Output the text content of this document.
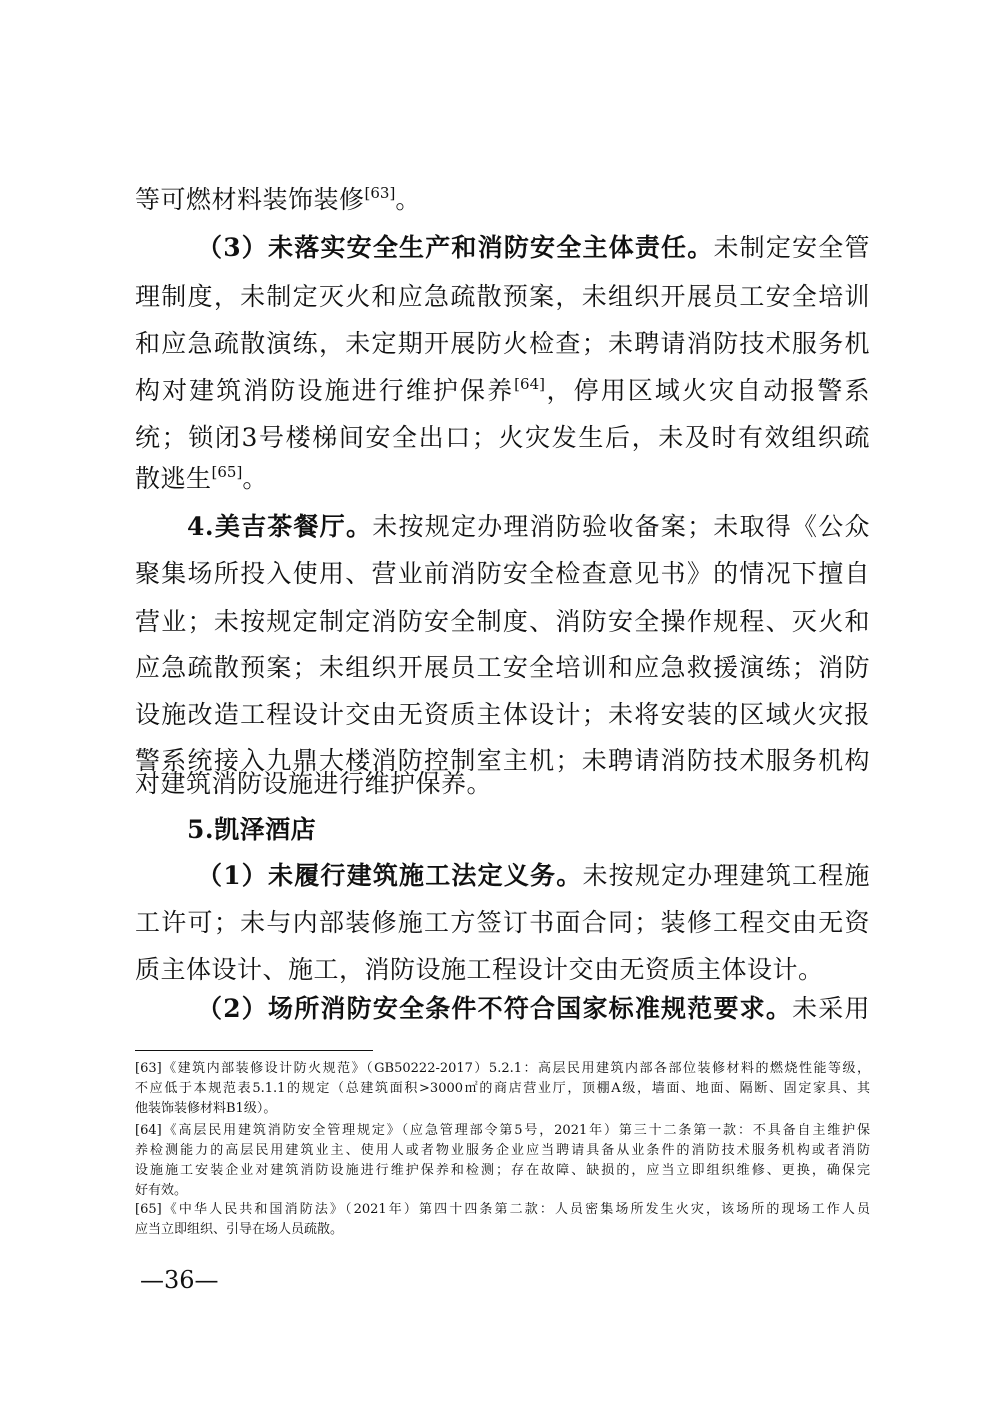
等可燃材料装饰装修[63]。
（3）未落实安全生产和消防安全主体责任。未制定安全管
理制度，未制定灭火和应急疏散预案，未组织开展员工安全培训
和应急疏散演练，未定期开展防火检查；未聘请消防技术服务机
构对建筑消防设施进行维护保养[64]，停用区域火灾自动报警系
统；锁闭3号楼梯间安全出口；火灾发生后，未及时有效组织疏
散逃生[65]。
4.美吉茶餐厅。未按规定办理消防验收备案；未取得《公众
聚集场所投入使用、营业前消防安全检查意见书》的情况下擅自
营业；未按规定制定消防安全制度、消防安全操作规程、灭火和
应急疏散预案；未组织开展员工安全培训和应急救援演练；消防
设施改造工程设计交由无资质主体设计；未将安装的区域火灾报
警系统接入九鼎大楼消防控制室主机；未聘请消防技术服务机构
对建筑消防设施进行维护保养。
5.凯泽酒店
（1）未履行建筑施工法定义务。未按规定办理建筑工程施
工许可；未与内部装修施工方签订书面合同；装修工程交由无资
质主体设计、施工，消防设施工程设计交由无资质主体设计。
（2）场所消防安全条件不符合国家标准规范要求。未采用
[63]《建筑内部装修设计防火规范》（GB50222-2017）5.2.1：高层民用建筑内部各部位装修材料的燃烧性能等级，
不应低于本规范表5.1.1的规定（总建筑面积>3000㎡的商店营业厅，顶棚A级，墙面、地面、隔断、固定家具、其
他装饰装修材料B1级）。
[64]《高层民用建筑消防安全管理规定》（应急管理部令第5号，2021年）第三十二条第一款：不具备自主维护保
养检测能力的高层民用建筑业主、使用人或者物业服务企业应当聘请具备从业条件的消防技术服务机构或者消防
设施施工安装企业对建筑消防设施进行维护保养和检测；存在故障、缺损的，应当立即组织维修、更换，确保完
好有效。
[65]《中华人民共和国消防法》（2021年）第四十四条第二款：人员密集场所发生火灾，该场所的现场工作人员
应当立即组织、引导在场人员疏散。
—36—
